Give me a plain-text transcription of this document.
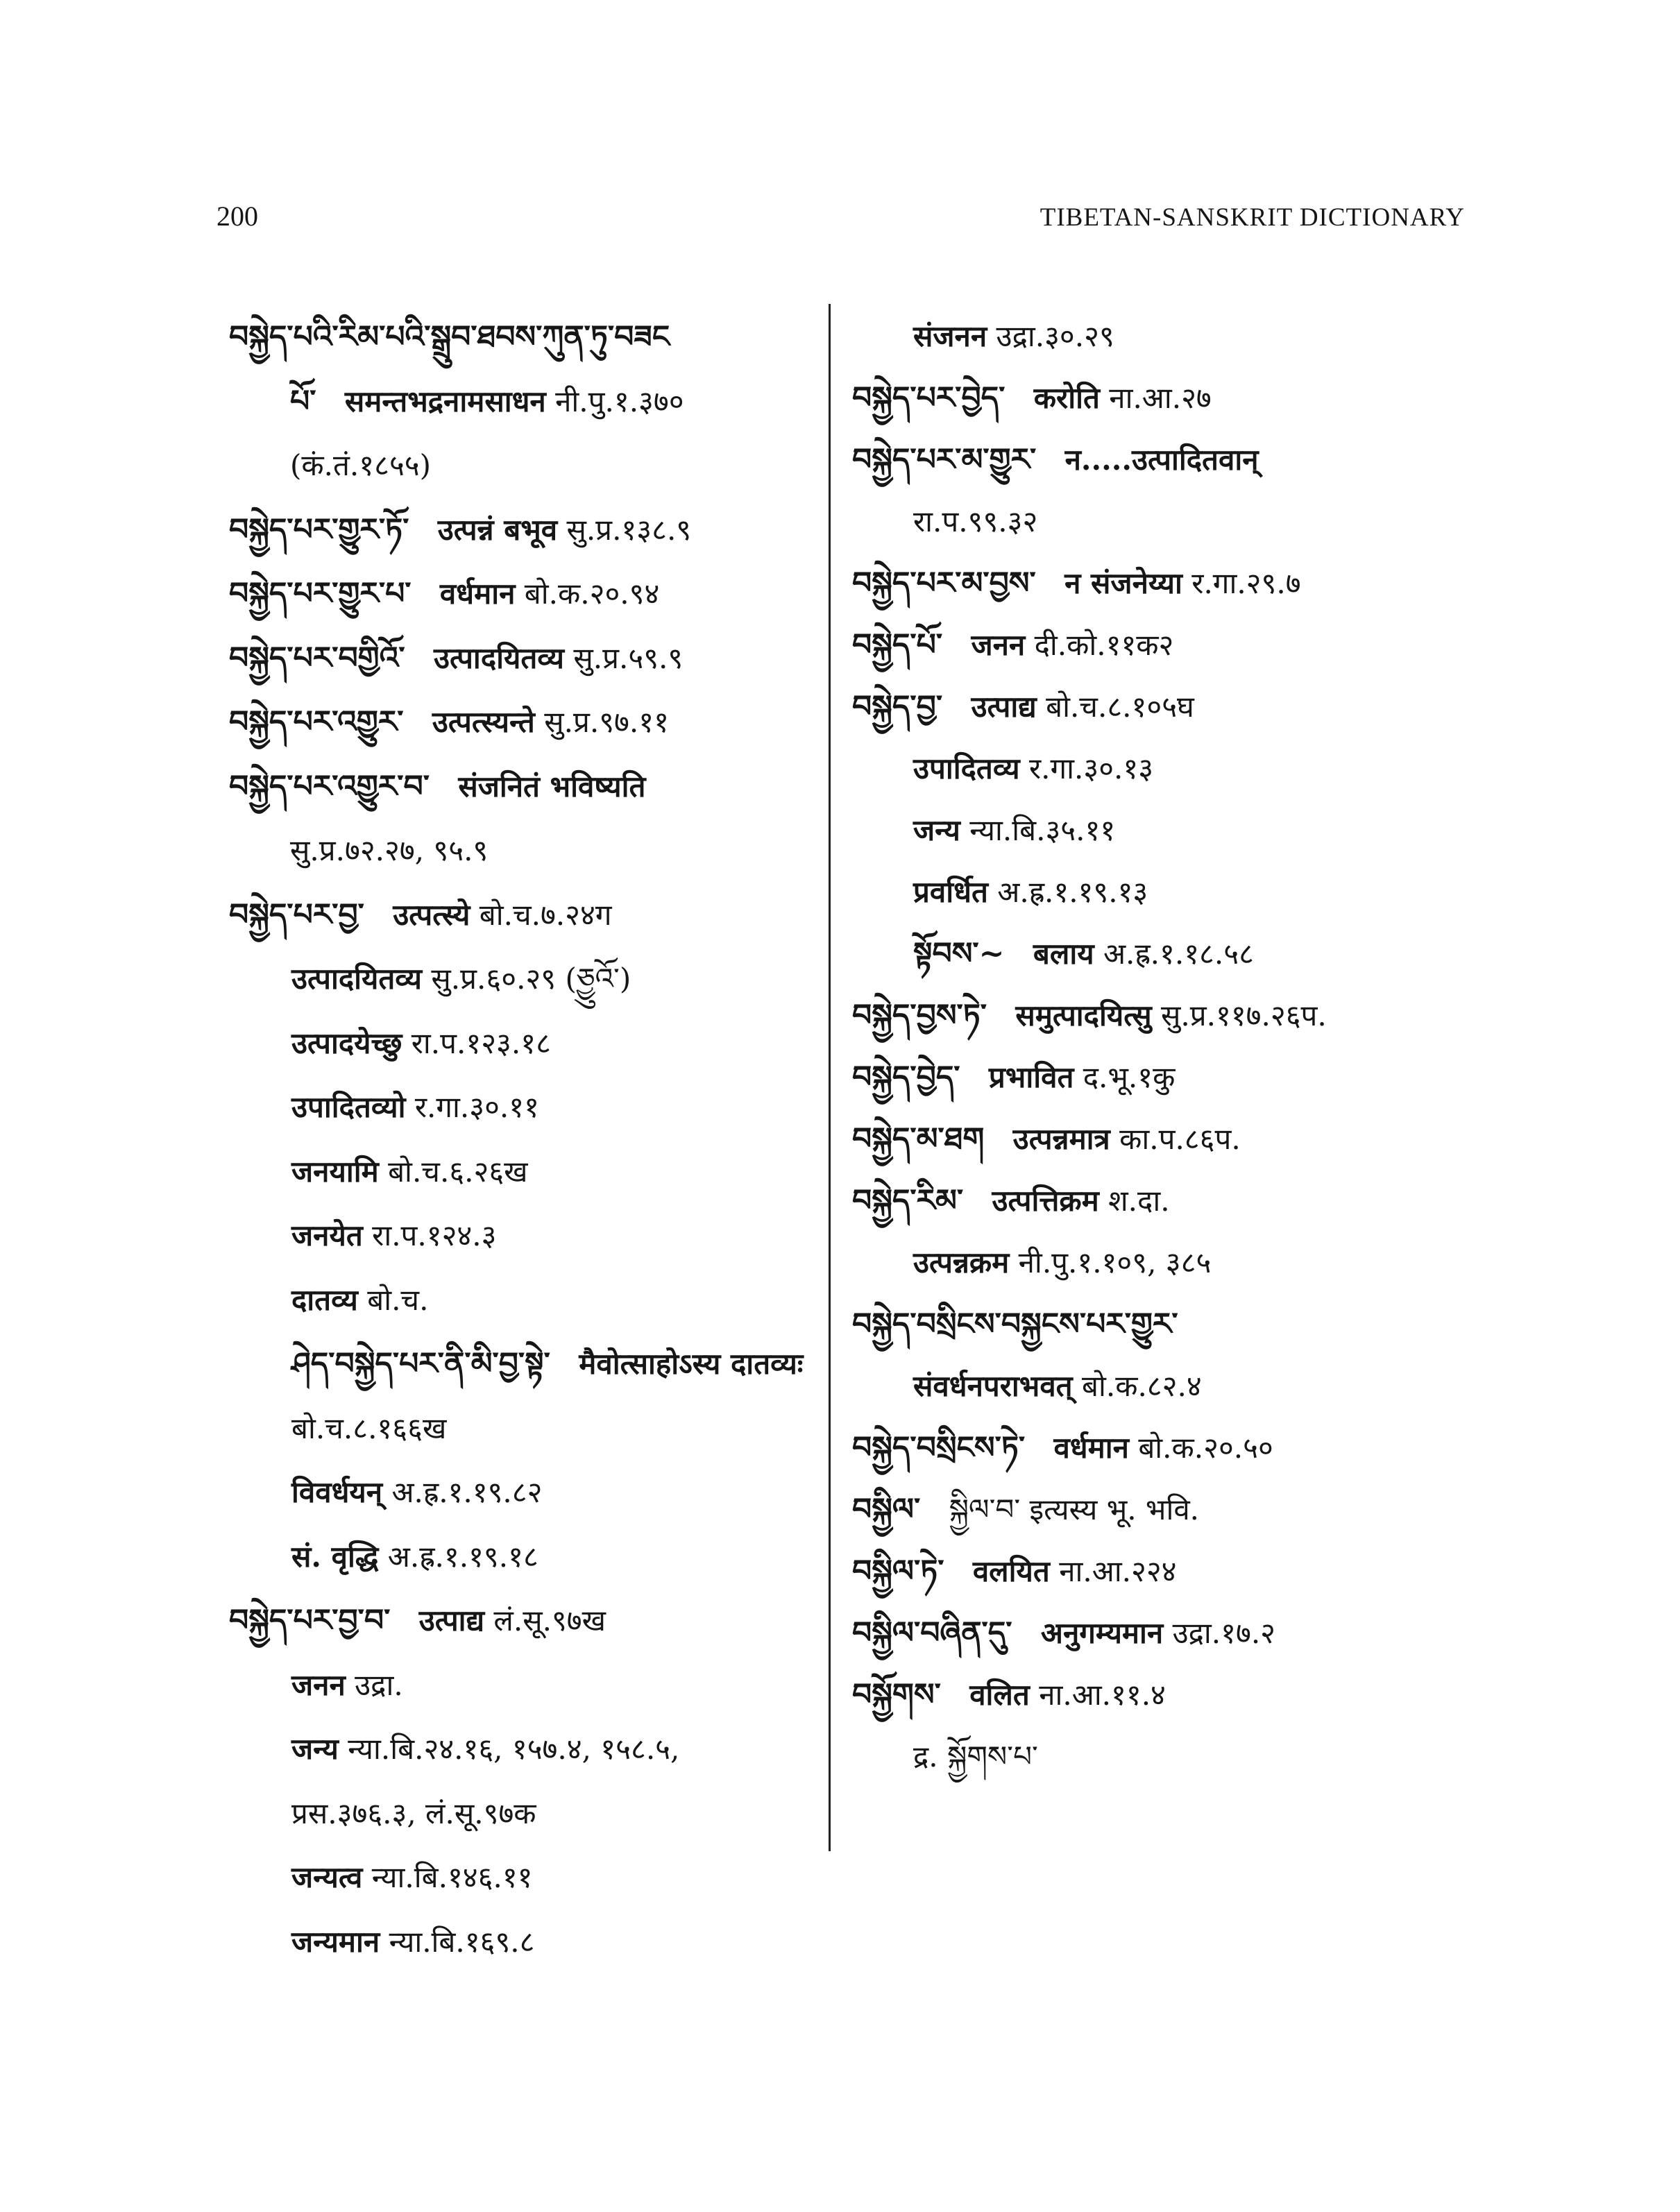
200	TIBETAN-SANSKRIT DICTIONARY
བསྐྱེད་པའི་རིམ་པའི་སྒྲུབ་ཐབས་ཀུན་ཏུ་བཟང
པོ་ समन्तभद्रनामसाधन नी.पु.१.३७०
(कं.तं.१८५५)
བསྐྱེད་པར་གྱུར་ཏོ་ उत्पन्नं बभूव सु.प्र.१३८.९
བསྐྱེད་པར་གྱུར་པ་ वर्धमान बो.क.२०.९४
བསྐྱེད་པར་བགྱིའོ་ उत्पादयितव्य सु.प्र.५९.९
བསྐྱེད་པར་འགྱུར་ उत्पत्स्यन्ते सु.प्र.९७.११
བསྐྱེད་པར་འགྱུར་བ་ संजनितं भविष्यति
सु.प्र.७२.२७, ९५.९
བསྐྱེད་པར་བྱ་ उत्पत्स्ये बो.च.७.२४ग
उत्पादयितव्य सु.प्र.६०.२९ (ཅྱུའོ་)
उत्पादयेच्छु रा.प.१२३.१८
उपादितव्यो र.गा.३०.११
जनयामि बो.च.६.२६ख
जनयेत रा.प.१२४.३
दातव्य बो.च.
ཤེད་བསྐྱེད་པར་ནི་མི་བྱ་སྟེ་ मैवोत्साहोऽस्य दातव्यः
बो.च.८.१६६ख
विवर्धयन् अ.ह्र.१.१९.८२
सं. वृद्धि अ.ह्र.१.१९.१८
བསྐྱེད་པར་བྱ་བ་ उत्पाद्य लं.सू.९७ख
जनन उद्रा.
जन्य न्या.बि.२४.१६, १५७.४, १५८.५,
प्रस.३७६.३, लं.सू.९७क
जन्यत्व न्या.बि.१४६.११
जन्यमान न्या.बि.१६९.८
संजनन उद्रा.३०.२९
བསྐྱེད་པར་བྱེད་ करोति ना.आ.२७
བསྐྱེད་པར་མ་གྱུར་ न.....उत्पादितवान्
रा.प.९९.३२
བསྐྱེད་པར་མ་བྱས་ न संजनेय्या र.गा.२९.७
བསྐྱེད་པོ་ जनन दी.को.११क२
བསྐྱེད་བྱ་ उत्पाद्य बो.च.८.१०५घ
उपादितव्य र.गा.३०.१३
जन्य न्या.बि.३५.११
प्रवर्धित अ.ह्र.१.१९.१३
སྟོབས་~ बलाय अ.ह्र.१.१८.५८
བསྐྱེད་བྱས་ཏེ་ समुत्पादयित्सु सु.प्र.११७.२६प.
བསྐྱེད་བྱེད་ प्रभावित द.भू.१कु
བསྐྱེད་མ་ཐག उत्पन्नमात्र का.प.८६प.
བསྐྱེད་རིམ་ उत्पत्तिक्रम श.दा.
उत्पन्नक्रम नी.पु.१.१०९, ३८५
བསྐྱེད་བསྲིངས་བསྐྱངས་པར་གྱུར་
संवर्धनपराभवत् बो.क.८२.४
བསྐྱེད་བསྲིངས་ཏེ་ वर्धमान बो.क.२०.५०
བསྐྱིལ་ སྐྱིལ་བ་ इत्यस्य भू. भवि.
བསྐྱིལ་ཏེ་ वलयित ना.आ.२२४
བསྐྱིལ་བཞིན་དུ་ अनुगम्यमान उद्रा.१७.२
བསྐྱོགས་ वलित ना.आ.११.४
द्र. སྐྱོགས་པ་
